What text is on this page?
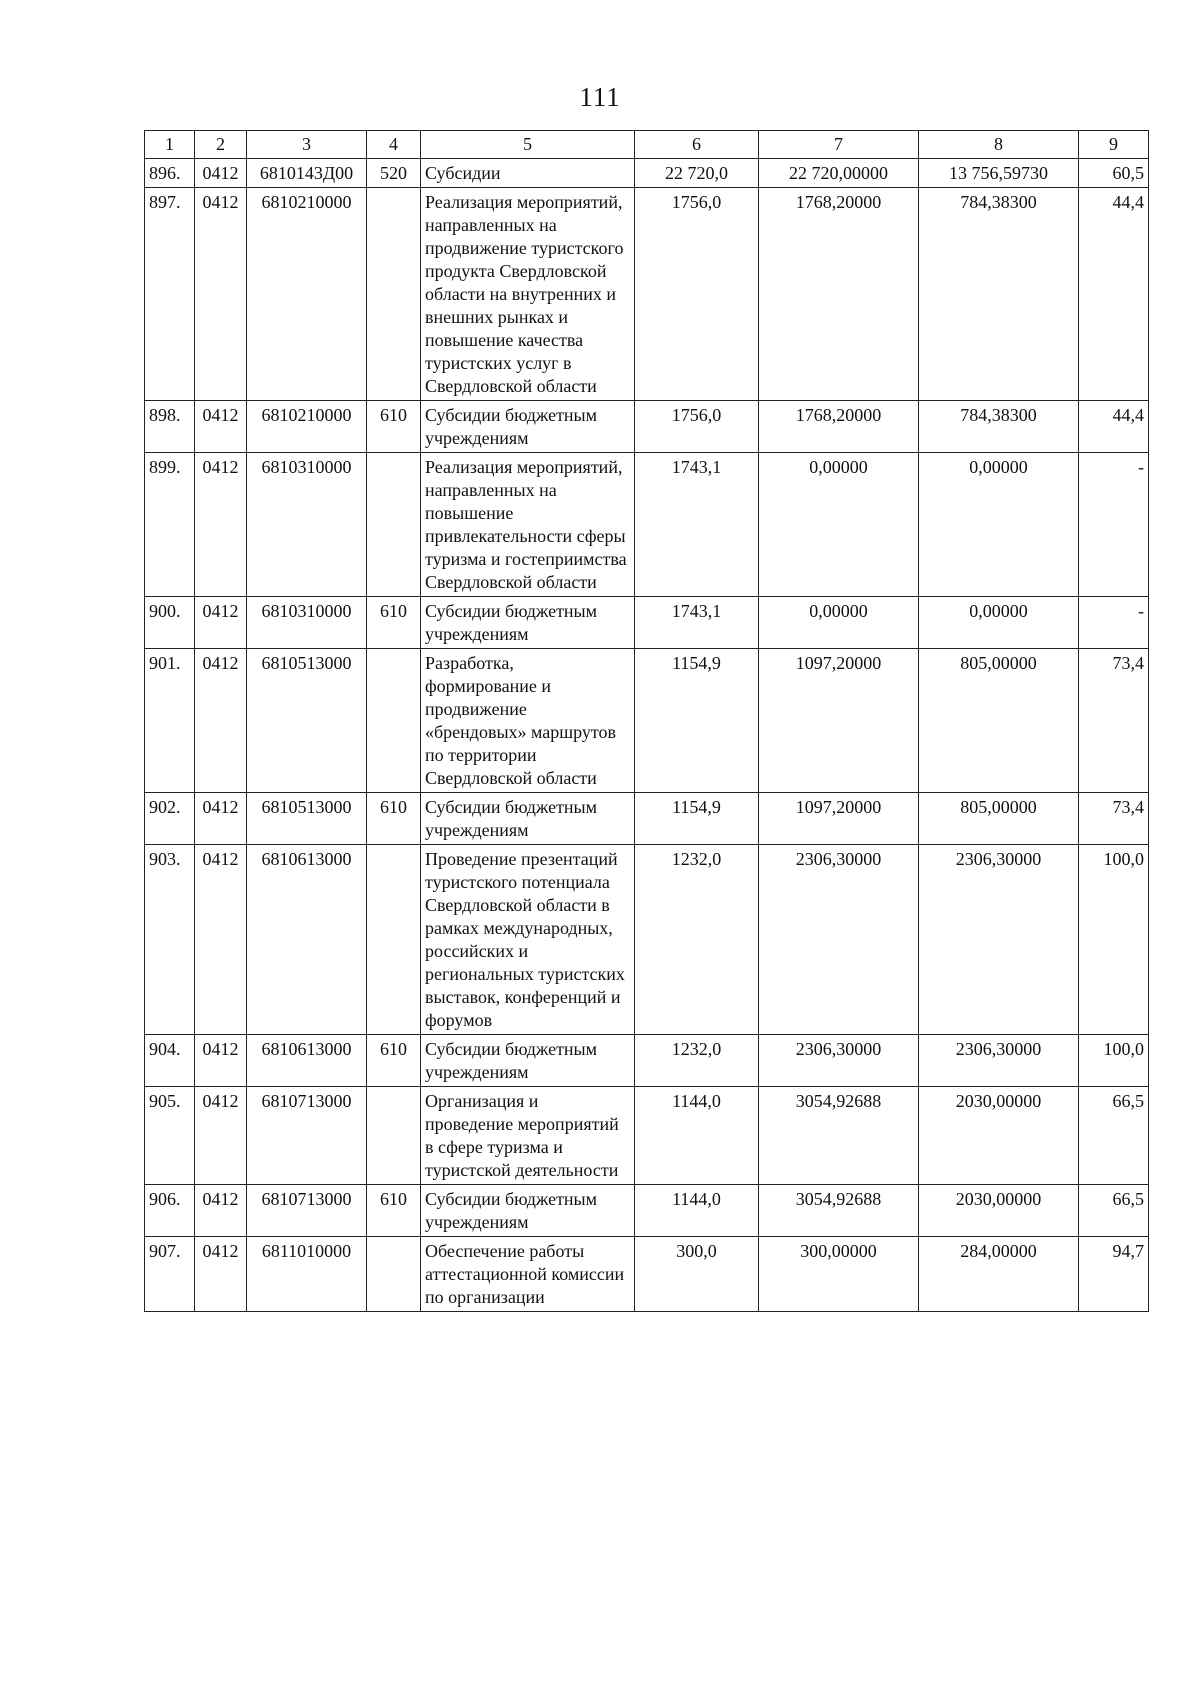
111
1	2	3	4	5	6	7	8	9
896.	0412	6810143Д00	520	Субсидии	22 720,0	22 720,00000	13 756,59730	60,5
897.	0412	6810210000		Реализация мероприятий, направленных на продвижение туристского продукта Свердловской области на внутренних и внешних рынках и повышение качества туристских услуг в Свердловской области	1756,0	1768,20000	784,38300	44,4
898.	0412	6810210000	610	Субсидии бюджетным учреждениям	1756,0	1768,20000	784,38300	44,4
899.	0412	6810310000		Реализация мероприятий, направленных на повышение привлекательности сферы туризма и гостеприимства Свердловской области	1743,1	0,00000	0,00000	-
900.	0412	6810310000	610	Субсидии бюджетным учреждениям	1743,1	0,00000	0,00000	-
901.	0412	6810513000		Разработка, формирование и продвижение «брендовых» маршрутов по территории Свердловской области	1154,9	1097,20000	805,00000	73,4
902.	0412	6810513000	610	Субсидии бюджетным учреждениям	1154,9	1097,20000	805,00000	73,4
903.	0412	6810613000		Проведение презентаций туристского потенциала Свердловской области в рамках международных, российских и региональных туристских выставок, конференций и форумов	1232,0	2306,30000	2306,30000	100,0
904.	0412	6810613000	610	Субсидии бюджетным учреждениям	1232,0	2306,30000	2306,30000	100,0
905.	0412	6810713000		Организация и проведение мероприятий в сфере туризма и туристской деятельности	1144,0	3054,92688	2030,00000	66,5
906.	0412	6810713000	610	Субсидии бюджетным учреждениям	1144,0	3054,92688	2030,00000	66,5
907.	0412	6811010000		Обеспечение работы аттестационной комиссии по организации	300,0	300,00000	284,00000	94,7
